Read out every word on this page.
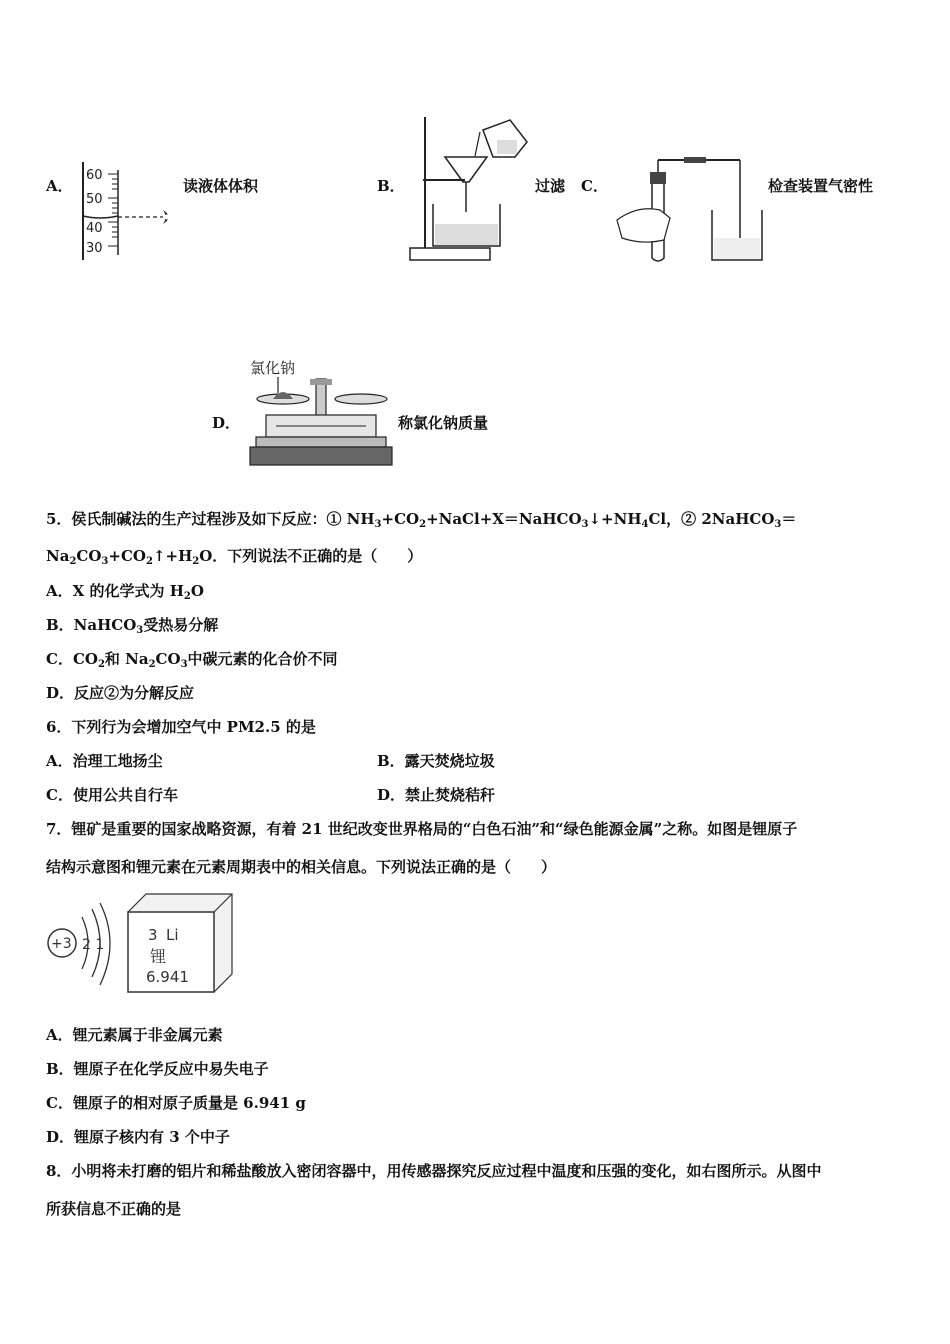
A．
60
50
40
30
读液体体积	B．	过滤 C．	检查装置气密性
D．
氯化钠
称氯化钠质量
5．侯氏制碱法的生产过程涉及如下反应：① $NH_3+CO_2+NaCl+X=NaHCO_3↓+NH_4Cl$，② 2NaHCO$_3$＝
$Na_2CO_3+CO_2↑+H_2O$．下列说法不正确的是（　　）
A．X 的化学式为 $H_2O$
B．NaHCO$_3$受热易分解
C．$CO_2$和 $Na_2CO_3$中碳元素的化合价不同
D．反应②为分解反应
6．下列行为会增加空气中 PM2.5 的是
A．治理工地扬尘	B．露天焚烧垃圾
C．使用公共自行车	D．禁止焚烧秸秆
7．锂矿是重要的国家战略资源，有着 21 世纪改变世界格局的“白色石油”和“绿色能源金属”之称。如图是锂原子
结构示意图和锂元素在元素周期表中的相关信息。下列说法正确的是（　　）
+3 2 1
3 Li
锂
6.941
A．锂元素属于非金属元素
B．锂原子在化学反应中易失电子
C．锂原子的相对原子质量是 6.941 g
D．锂原子核内有 3 个中子
8．小明将未打磨的铝片和稀盐酸放入密闭容器中，用传感器探究反应过程中温度和压强的变化，如右图所示。从图中
所获信息不正确的是
